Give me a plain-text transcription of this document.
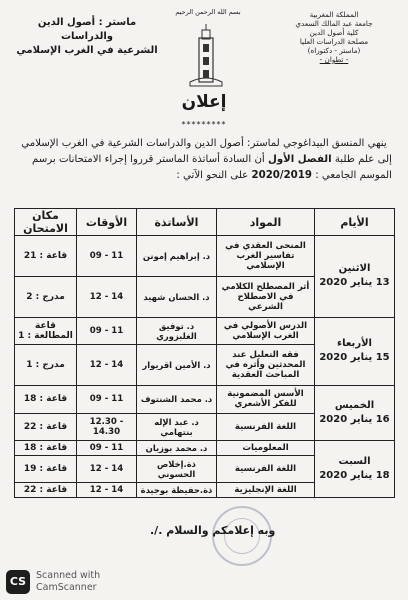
المملكة المغربية
جامعة عبد المالك السعدي
كلية أصول الدين
مصلحة الدراسات العليا
(ماستر - دكتوراه)
- تطوان -
بسم الله الرحمن الرحيم
ماستر : أصول الدين والدراسات
الشرعية في الغرب الإسلامي
إعلان
*********
ينهي المنسق البيداغوجي لماستر: أصول الدين والدراسات الشرعية في الغرب الإسلامي
إلى علم طلبة الفصل الأول أن السادة أساتذة الماستر قرروا إجراء الامتحانات برسم
الموسم الجامعي : 2020/2019 على النحو الآتي :
الأيام	المواد	الأساتذة	الأوقات	مكان الامتحان

الاثنين
13 يناير 2020	المنحى العقدي في تفاسير الغرب الإسلامي	د. إبراهيم إمونن	09 - 11	قاعة : 21
	أثر المصطلح الكلامي في الاصطلاح الشرعي	د. الحسان شهيد	12 - 14	مدرج : 2

الأربعاء
15 يناير 2020	الدرس الأصولي في الغرب الإسلامي	د. توفيق الغلبزوري	09 - 11	قاعة المطالعة : 1
	فقه التعليل عند المحدثين وأثره في المباحث العقدية	د. الأمين اقريوار	12 - 14	مدرج : 1

الخميس
16 يناير 2020	الأسس المضمونية للفكر الأشعري	د. محمد الشنتوف	09 - 11	قاعة : 18
	اللغة الفرنسية	د. عبد الإله بنتهامي	12.30 - 14.30	قاعة : 22

السبت
18 يناير 2020	المعلوميات	د. محمد بوزيان	09 - 11	قاعة : 18
	اللغة الفرنسية	ذة.إخلاص الحسوني	12 - 14	قاعة : 19
	اللغة الإنجليزية	ذة.حفيظة بوجيدة	12 - 14	قاعة : 22
وبه إعلامكم والسلام ./.
CS	Scanned with
CamScanner
